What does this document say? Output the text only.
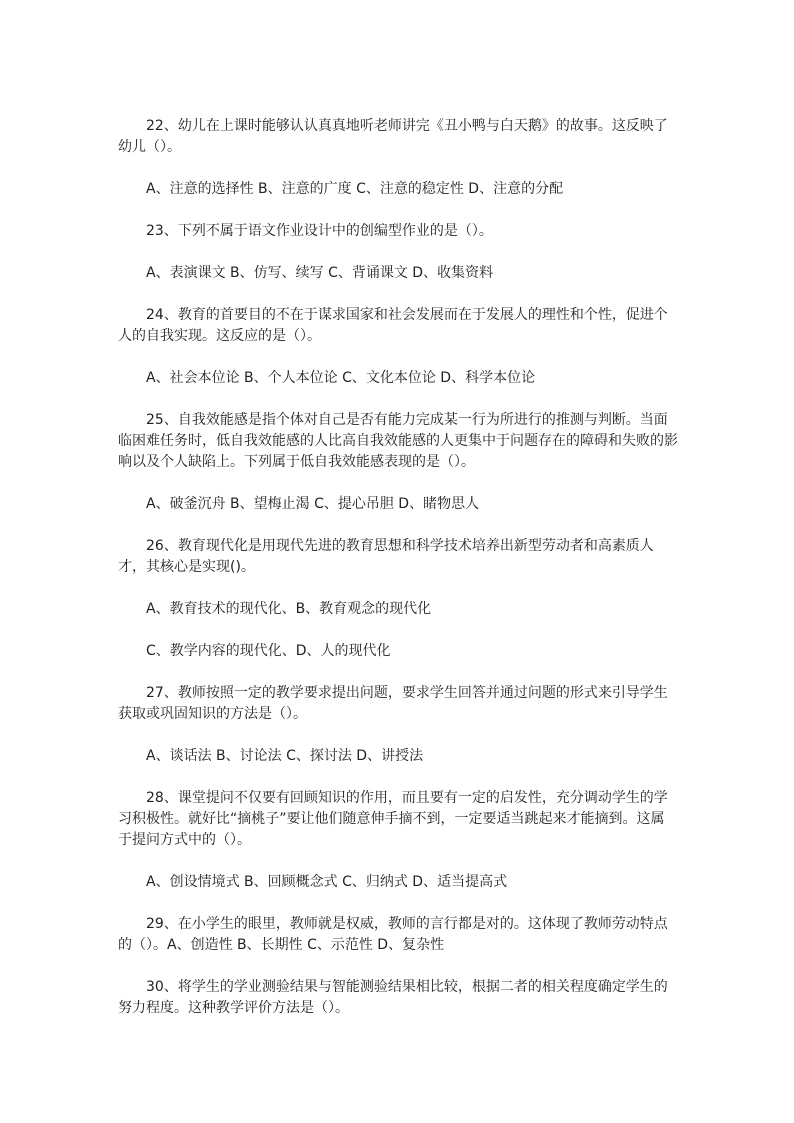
22、幼儿在上课时能够认认真真地听老师讲完《丑小鸭与白天鹅》的故事。这反映了幼儿（）。

A、注意的选择性 B、注意的广度 C、注意的稳定性 D、注意的分配

23、下列不属于语文作业设计中的创编型作业的是（）。

A、表演课文 B、仿写、续写 C、背诵课文 D、收集资料

24、教育的首要目的不在于谋求国家和社会发展而在于发展人的理性和个性，促进个人的自我实现。这反应的是（）。

A、社会本位论 B、个人本位论 C、文化本位论 D、科学本位论

25、自我效能感是指个体对自己是否有能力完成某一行为所进行的推测与判断。当面临困难任务时，低自我效能感的人比高自我效能感的人更集中于问题存在的障碍和失败的影响以及个人缺陷上。下列属于低自我效能感表现的是（）。

A、破釜沉舟 B、望梅止渴 C、提心吊胆 D、睹物思人

26、教育现代化是用现代先进的教育思想和科学技术培养出新型劳动者和高素质人才，其核心是实现()。

A、教育技术的现代化、B、教育观念的现代化

C、教学内容的现代化、D、人的现代化

27、教师按照一定的教学要求提出问题，要求学生回答并通过问题的形式来引导学生获取或巩固知识的方法是（）。

A、谈话法 B、讨论法 C、探讨法 D、讲授法

28、课堂提问不仅要有回顾知识的作用，而且要有一定的启发性，充分调动学生的学习积极性。就好比“摘桃子”要让他们随意伸手摘不到，一定要适当跳起来才能摘到。这属于提问方式中的（）。

A、创设情境式 B、回顾概念式 C、归纳式 D、适当提高式

29、在小学生的眼里，教师就是权威，教师的言行都是对的。这体现了教师劳动特点的（）。A、创造性 B、长期性 C、示范性 D、复杂性

30、将学生的学业测验结果与智能测验结果相比较，根据二者的相关程度确定学生的努力程度。这种教学评价方法是（）。
